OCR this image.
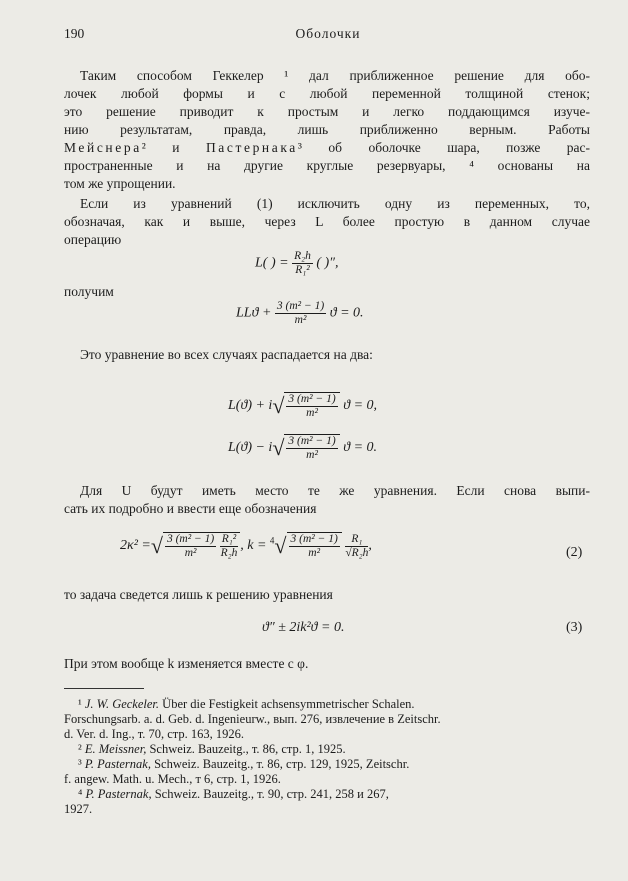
190	Оболочки
Таким способом Геккелер ¹ дал приближенное решение для обо-
лочек любой формы и с любой переменной толщиной стенок;
это решение приводит к простым и легко поддающимся изуче-
нию результатам, правда, лишь приближенно верным. Работы
Мейснера² и Пастернака³ об оболочке шара, позже рас-
пространенные и на другие круглые резервуары, ⁴ основаны на
том же упрощении.
Если из уравнений (1) исключить одну из переменных, то,
обозначая, как и выше, через L более простую в данном случае
операцию
L( ) = $\frac{\text{R₂h}}{\text{R₁²}}$ ( )″,
получим
$LLϑ + \frac{\text{3 (m² − 1)}}{\text{m²}}$ ϑ = 0.
Это уравнение во всех случаях распадается на два:
$L(ϑ) + i√ \frac{\text{3 (m² − 1)}}{\text{m²}}$ ϑ = 0,
$L(ϑ) - i√ \frac{\text{3 (m² − 1)}}{\text{m²}}$ ϑ = 0.
Для U будут иметь место те же уравнения. Если снова выпи-
сать их подробно и ввести еще обозначения
2κ² =√ $\frac{\text{3 (m² − 1)}}{\text{m²}}$
$\frac{\text{R₁²}}{\text{R₂h}}$ , $k = ^4√ \frac{\text{3 (m² − 1)}}{\text{m²}}$
$\frac{\text{R₁}}{\text{√R₂h}}$ ,	(2)
то задача сведется лишь к решению уравнения
ϑ″ ± 2ik²ϑ = 0.	(3)
При этом вообще k изменяется вместе с φ.
¹ J. W. Geckeler. Über die Festigkeit achsensymmetrischer Schalen.
Forschungsarb. a. d. Geb. d. Ingenieurw., вып. 276, извлечение в Zeitschr.
d. Ver. d. Ing., т. 70, стр. 163, 1926.
² E. Meissner, Schweiz. Bauzeitg., т. 86, стр. 1, 1925.
³ P. Pasternak, Schweiz. Bauzeitg., т. 86, стр. 129, 1925, Zeitschr.
f. angew. Math. u. Mech., т 6, стр. 1, 1926.
⁴ P. Pasternak, Schweiz. Bauzeitg., т. 90, стр. 241, 258 и 267,
1927.
